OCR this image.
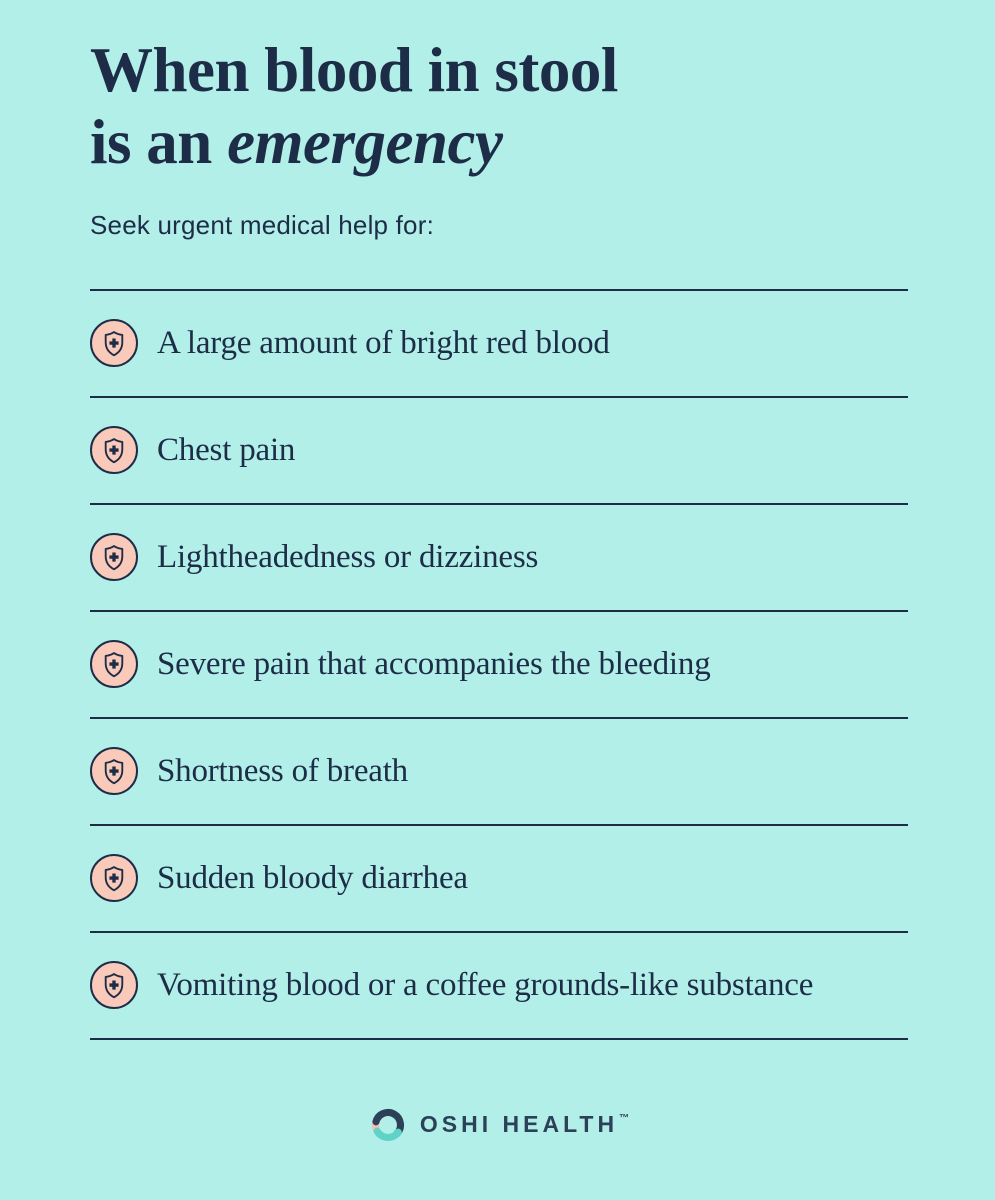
When blood in stool
is an emergency

Seek urgent medical help for:

A large amount of bright red blood
Chest pain
Lightheadedness or dizziness
Severe pain that accompanies the bleeding
Shortness of breath
Sudden bloody diarrhea
Vomiting blood or a coffee grounds-like substance
OSHI HEALTH™
